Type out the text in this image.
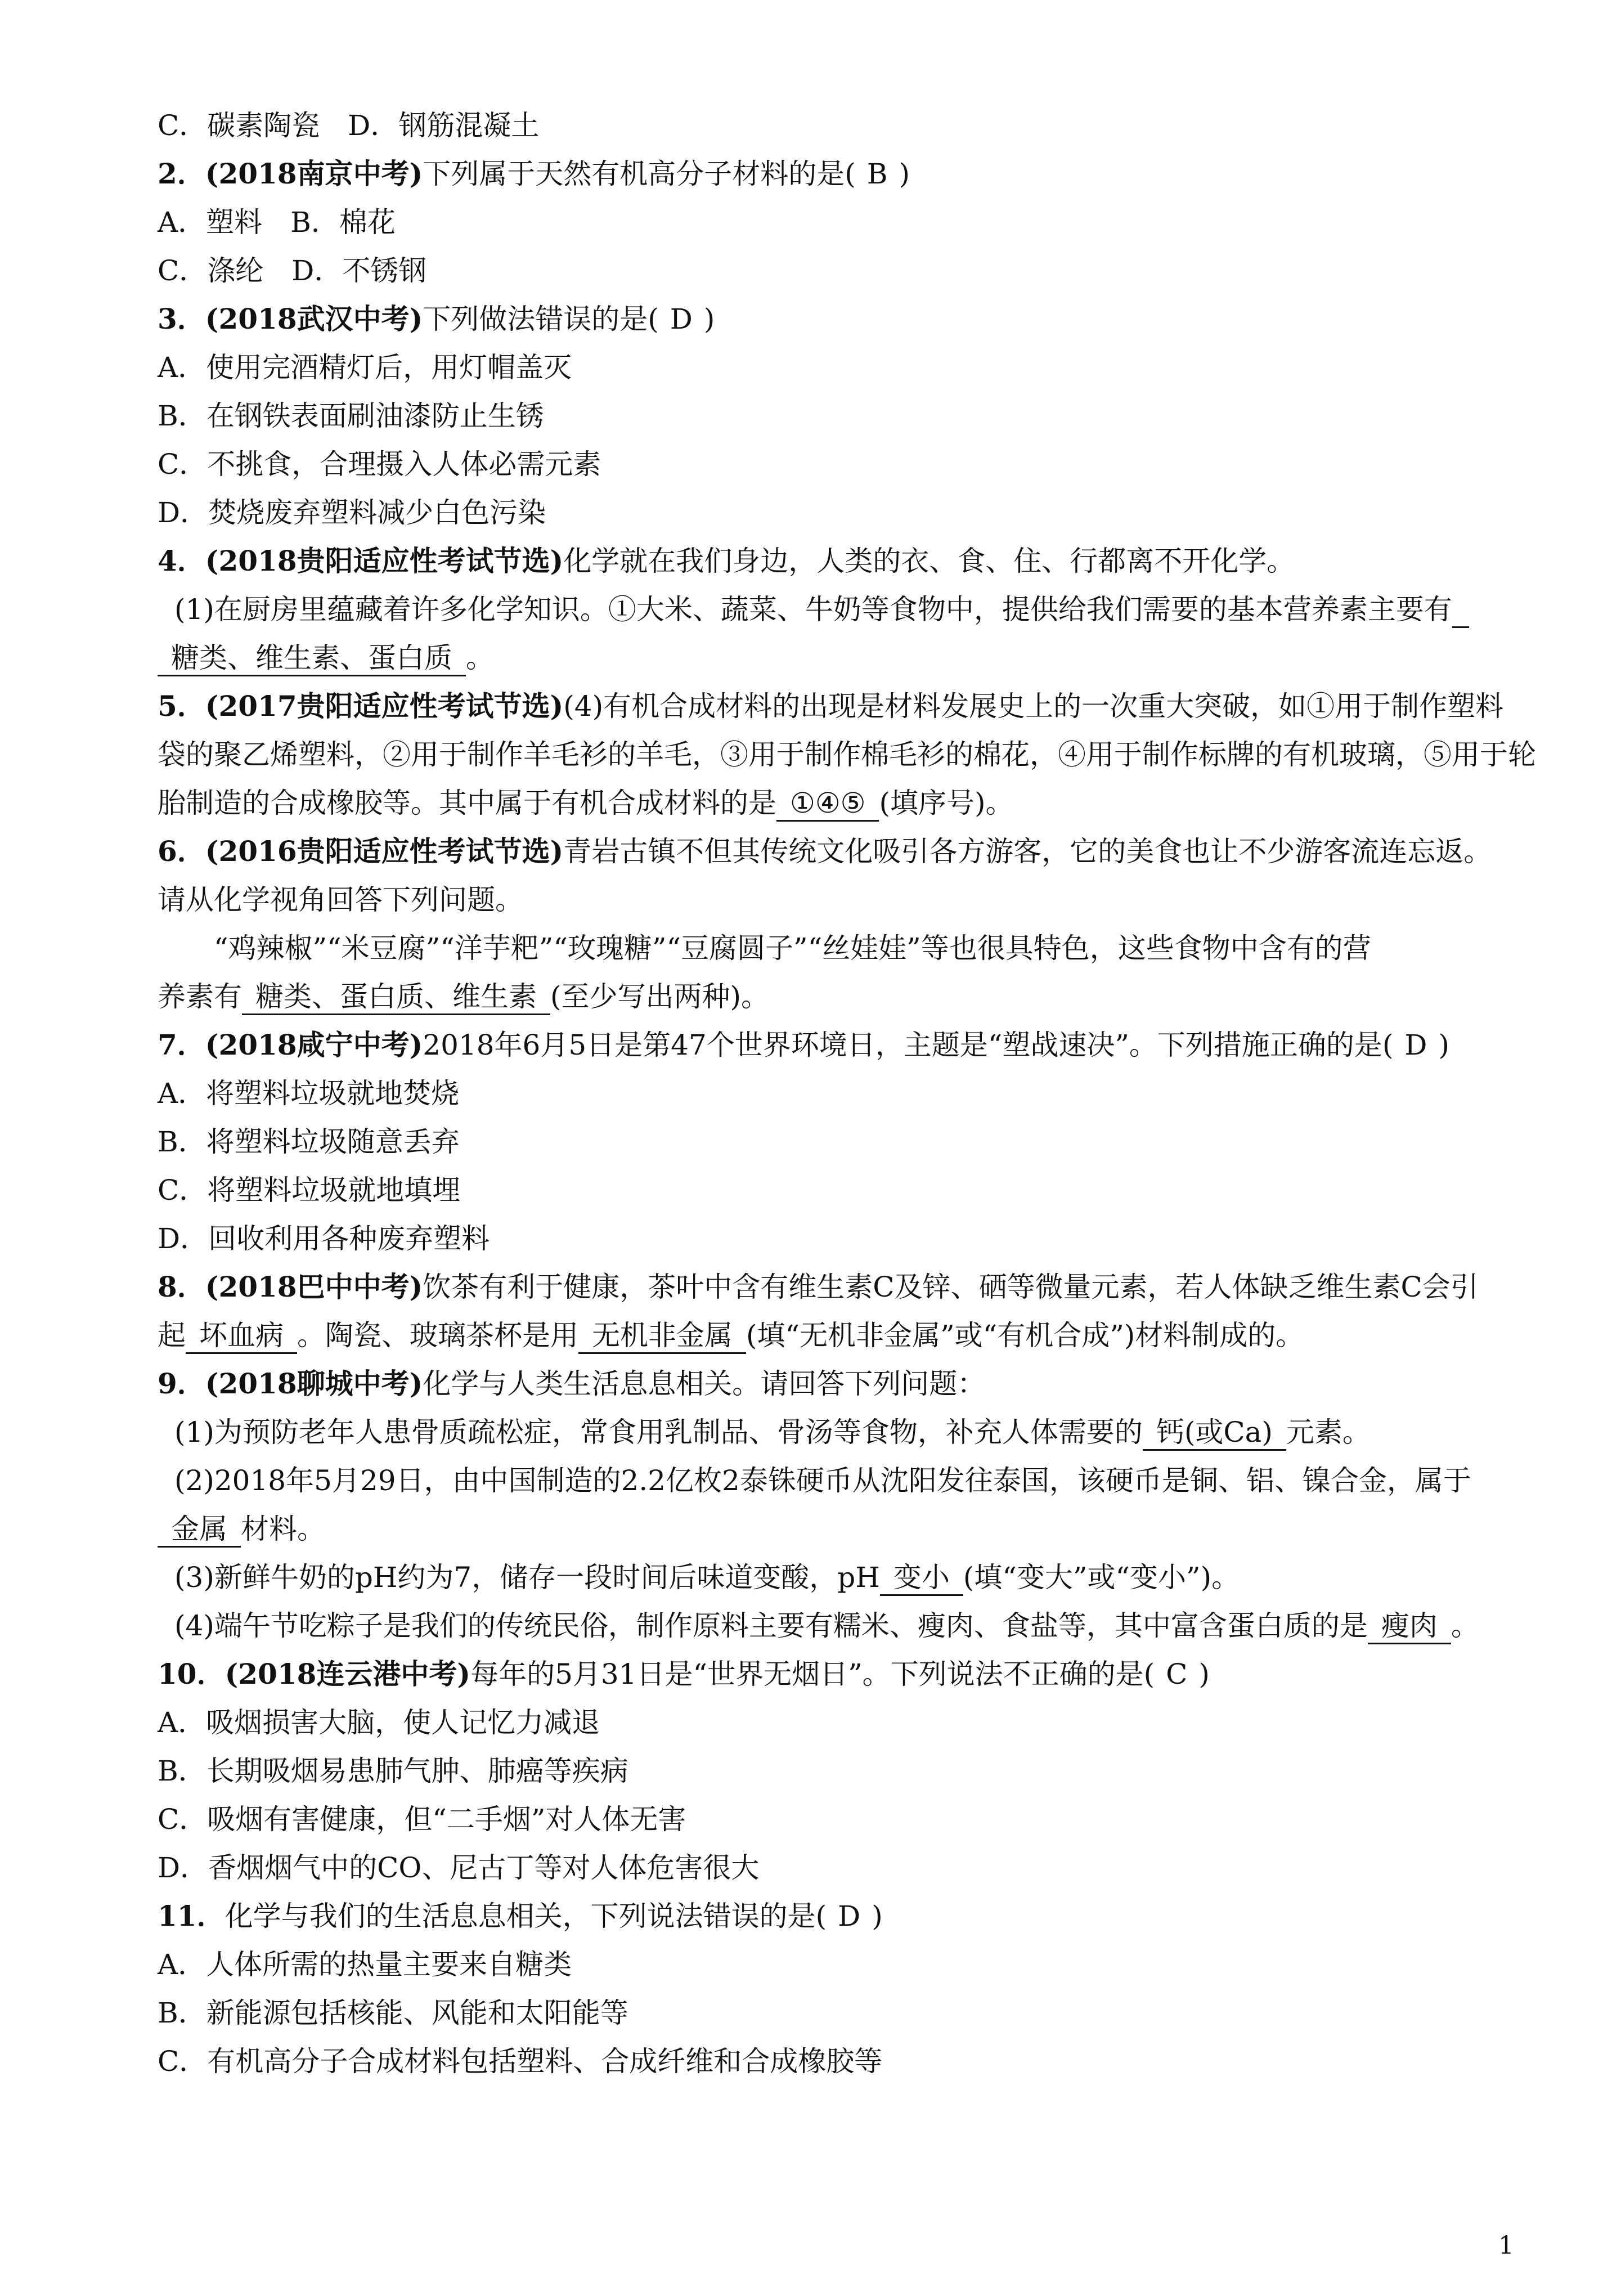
C．碳素陶瓷　D．钢筋混凝土
2．(2018南京中考)下列属于天然有机高分子材料的是( B )
A．塑料　B．棉花
C．涤纶　D．不锈钢
3．(2018武汉中考)下列做法错误的是( D )
A．使用完酒精灯后，用灯帽盖灭
B．在钢铁表面刷油漆防止生锈
C．不挑食，合理摄入人体必需元素
D．焚烧废弃塑料减少白色污染
4．(2018贵阳适应性考试节选)化学就在我们身边，人类的衣、食、住、行都离不开化学。
(1)在厨房里蕴藏着许多化学知识。①大米、蔬菜、牛奶等食物中，提供给我们需要的基本营养素主要有
糖类、维生素、蛋白质 。
5．(2017贵阳适应性考试节选)(4)有机合成材料的出现是材料发展史上的一次重大突破，如①用于制作塑料
袋的聚乙烯塑料，②用于制作羊毛衫的羊毛，③用于制作棉毛衫的棉花，④用于制作标牌的有机玻璃，⑤用于轮
胎制造的合成橡胶等。其中属于有机合成材料的是 ①④⑤ (填序号)。
6．(2016贵阳适应性考试节选)青岩古镇不但其传统文化吸引各方游客，它的美食也让不少游客流连忘返。
请从化学视角回答下列问题。
“鸡辣椒”“米豆腐”“洋芋粑”“玫瑰糖”“豆腐圆子”“丝娃娃”等也很具特色，这些食物中含有的营
养素有 糖类、蛋白质、维生素 (至少写出两种)。
7．(2018咸宁中考)2018年6月5日是第47个世界环境日，主题是“塑战速决”。下列措施正确的是( D )
A．将塑料垃圾就地焚烧
B．将塑料垃圾随意丢弃
C．将塑料垃圾就地填埋
D．回收利用各种废弃塑料
8．(2018巴中中考)饮茶有利于健康，茶叶中含有维生素C及锌、硒等微量元素，若人体缺乏维生素C会引
起 坏血病 。陶瓷、玻璃茶杯是用 无机非金属 (填“无机非金属”或“有机合成”)材料制成的。
9．(2018聊城中考)化学与人类生活息息相关。请回答下列问题：
(1)为预防老年人患骨质疏松症，常食用乳制品、骨汤等食物，补充人体需要的 钙(或Ca) 元素。
(2)2018年5月29日，由中国制造的2.2亿枚2泰铢硬币从沈阳发往泰国，该硬币是铜、铝、镍合金，属于
金属 材料。
(3)新鲜牛奶的pH约为7，储存一段时间后味道变酸，pH 变小 (填“变大”或“变小”)。
(4)端午节吃粽子是我们的传统民俗，制作原料主要有糯米、瘦肉、食盐等，其中富含蛋白质的是 瘦肉 。
10．(2018连云港中考)每年的5月31日是“世界无烟日”。下列说法不正确的是( C )
A．吸烟损害大脑，使人记忆力减退
B．长期吸烟易患肺气肿、肺癌等疾病
C．吸烟有害健康，但“二手烟”对人体无害
D．香烟烟气中的CO、尼古丁等对人体危害很大
11．化学与我们的生活息息相关，下列说法错误的是( D )
A．人体所需的热量主要来自糖类
B．新能源包括核能、风能和太阳能等
C．有机高分子合成材料包括塑料、合成纤维和合成橡胶等
1
